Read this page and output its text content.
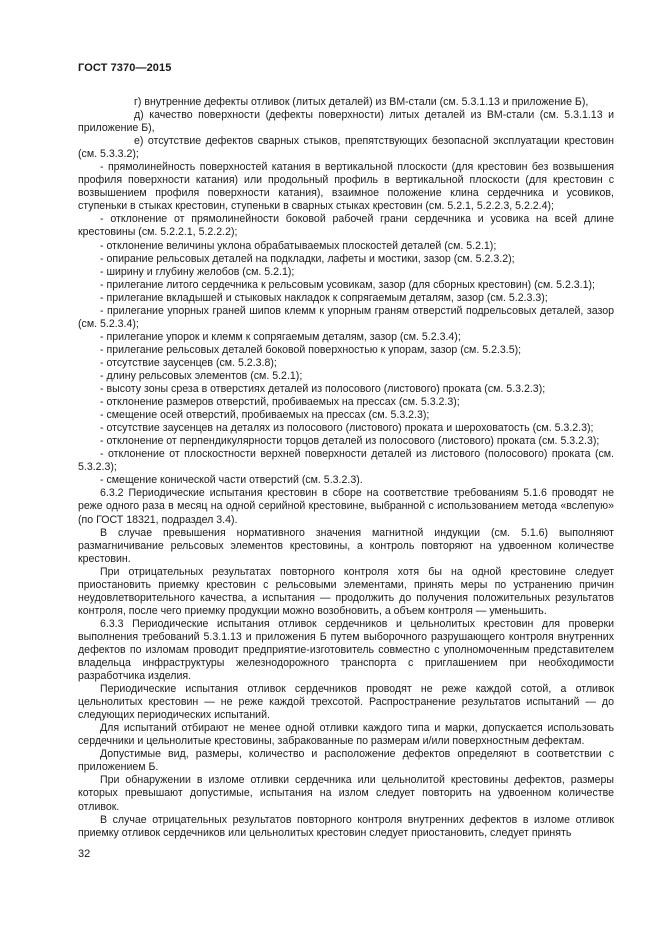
ГОСТ 7370—2015

г) внутренние дефекты отливок (литых деталей) из ВМ-стали (см. 5.3.1.13 и приложение Б),

д) качество поверхности (дефекты поверхности) литых деталей из ВМ-стали (см. 5.3.1.13 и приложение Б),

е) отсутствие дефектов сварных стыков, препятствующих безопасной эксплуатации крестовин (см. 5.3.3.2);

- прямолинейность поверхностей катания в вертикальной плоскости (для крестовин без возвышения профиля поверхности катания) или продольный профиль в вертикальной плоскости (для крестовин с возвышением профиля поверхности катания), взаимное положение клина сердечника и усовиков, ступеньки в стыках крестовин, ступеньки в сварных стыках крестовин (см. 5.2.1, 5.2.2.3, 5.2.2.4);

- отклонение от прямолинейности боковой рабочей грани сердечника и усовика на всей длине крестовины (см. 5.2.2.1, 5.2.2.2);

- отклонение величины уклона обрабатываемых плоскостей деталей (см. 5.2.1);

- опирание рельсовых деталей на подкладки, лафеты и мостики, зазор (см. 5.2.3.2);

- ширину и глубину желобов (см. 5.2.1);

- прилегание литого сердечника к рельсовым усовикам, зазор (для сборных крестовин) (см. 5.2.3.1);

- прилегание вкладышей и стыковых накладок к сопрягаемым деталям, зазор (см. 5.2.3.3);

- прилегание упорных граней шипов клемм к упорным граням отверстий подрельсовых деталей, зазор (см. 5.2.3.4);

- прилегание упорок и клемм к сопрягаемым деталям, зазор (см. 5.2.3.4);

- прилегание рельсовых деталей боковой поверхностью к упорам, зазор (см. 5.2.3.5);

- отсутствие заусенцев (см. 5.2.3.8);

- длину рельсовых элементов (см. 5.2.1);

- высоту зоны среза в отверстиях деталей из полосового (листового) проката (см. 5.3.2.3);

- отклонение размеров отверстий, пробиваемых на прессах (см. 5.3.2.3);

- смещение осей отверстий, пробиваемых на прессах (см. 5.3.2.3);

- отсутствие заусенцев на деталях из полосового (листового) проката и шероховатость (см. 5.3.2.3);

- отклонение от перпендикулярности торцов деталей из полосового (листового) проката (см. 5.3.2.3);

- отклонение от плоскостности верхней поверхности деталей из листового (полосового) проката (см. 5.3.2.3);

- смещение конической части отверстий (см. 5.3.2.3).

6.3.2 Периодические испытания крестовин в сборе на соответствие требованиям 5.1.6 проводят не реже одного раза в месяц на одной серийной крестовине, выбранной с использованием метода «вслепую» (по ГОСТ 18321, подраздел 3.4).

В случае превышения нормативного значения магнитной индукции (см. 5.1.6) выполняют размагничивание рельсовых элементов крестовины, а контроль повторяют на удвоенном количестве крестовин.

При отрицательных результатах повторного контроля хотя бы на одной крестовине следует приостановить приемку крестовин с рельсовыми элементами, принять меры по устранению причин неудовлетворительного качества, а испытания — продолжить до получения положительных результатов контроля, после чего приемку продукции можно возобновить, а объем контроля — уменьшить.

6.3.3 Периодические испытания отливок сердечников и цельнолитых крестовин для проверки выполнения требований 5.3.1.13 и приложения Б путем выборочного разрушающего контроля внутренних дефектов по изломам проводит предприятие-изготовитель совместно с уполномоченным представителем владельца инфраструктуры железнодорожного транспорта с приглашением при необходимости разработчика изделия.

Периодические испытания отливок сердечников проводят не реже каждой сотой, а отливок цельнолитых крестовин — не реже каждой трехсотой. Распространение результатов испытаний — до следующих периодических испытаний.

Для испытаний отбирают не менее одной отливки каждого типа и марки, допускается использовать сердечники и цельнолитые крестовины, забракованные по размерам и/или поверхностным дефектам.

Допустимые вид, размеры, количество и расположение дефектов определяют в соответствии с приложением Б.

При обнаружении в изломе отливки сердечника или цельнолитой крестовины дефектов, размеры которых превышают допустимые, испытания на излом следует повторить на удвоенном количестве отливок.

В случае отрицательных результатов повторного контроля внутренних дефектов в изломе отливок приемку отливок сердечников или цельнолитых крестовин следует приостановить, следует принять

32
